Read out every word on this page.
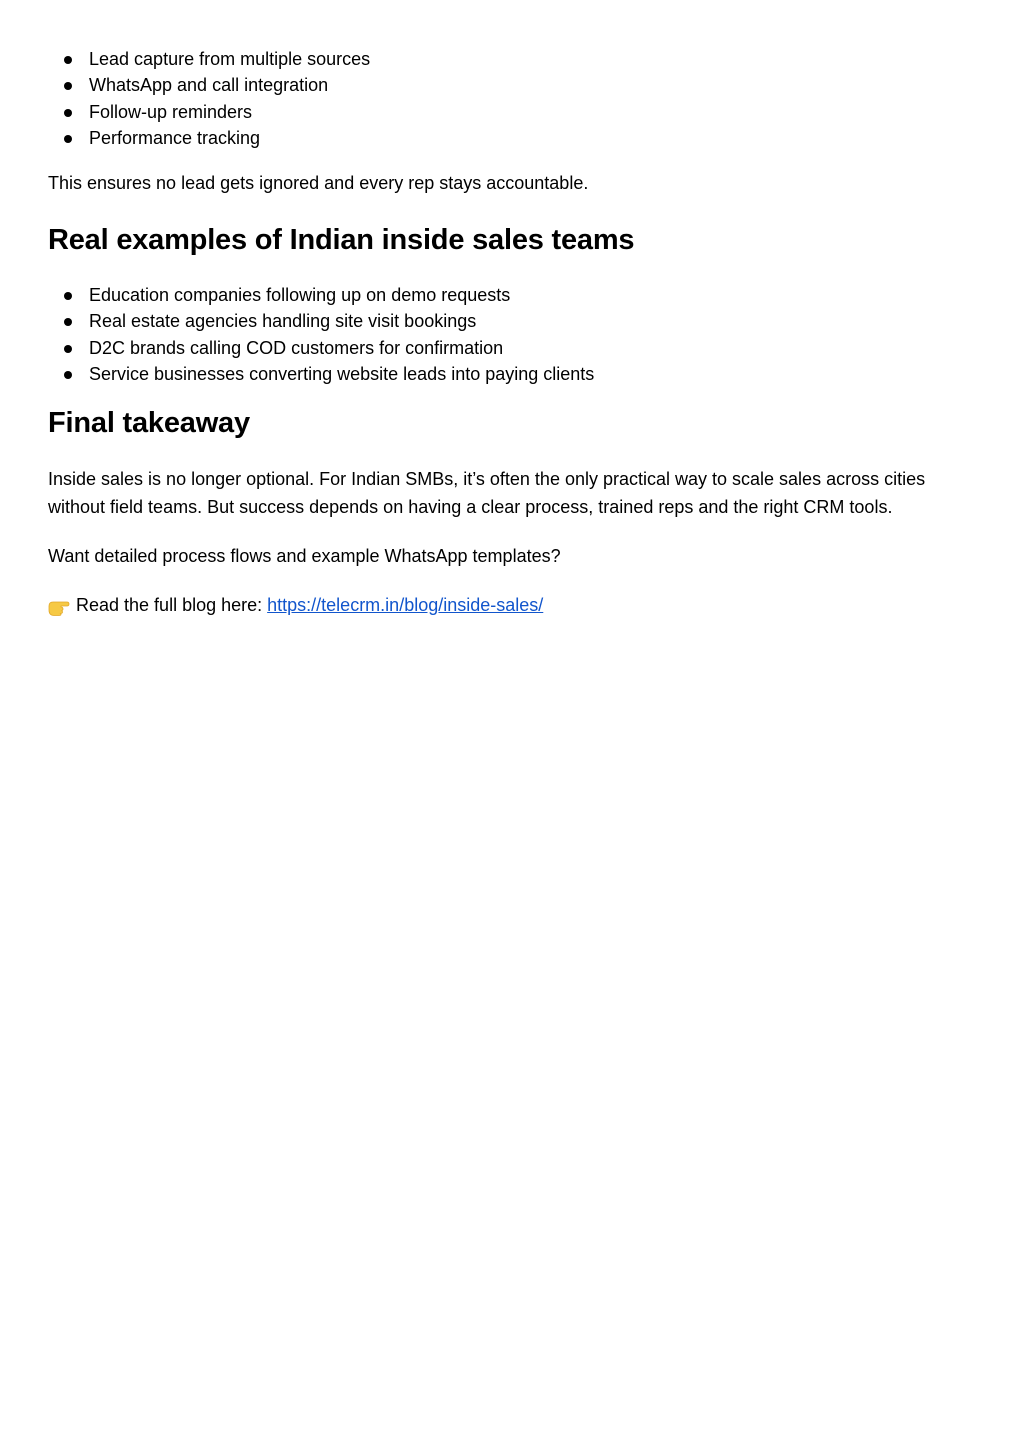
Lead capture from multiple sources
WhatsApp and call integration
Follow-up reminders
Performance tracking

This ensures no lead gets ignored and every rep stays accountable.

Real examples of Indian inside sales teams
Education companies following up on demo requests
Real estate agencies handling site visit bookings
D2C brands calling COD customers for confirmation
Service businesses converting website leads into paying clients
Final takeaway

Inside sales is no longer optional. For Indian SMBs, it’s often the only practical way to scale sales across cities without field teams. But success depends on having a clear process, trained reps and the right CRM tools.

Want detailed process flows and example WhatsApp templates?

Read the full blog here: https://telecrm.in/blog/inside-sales/
